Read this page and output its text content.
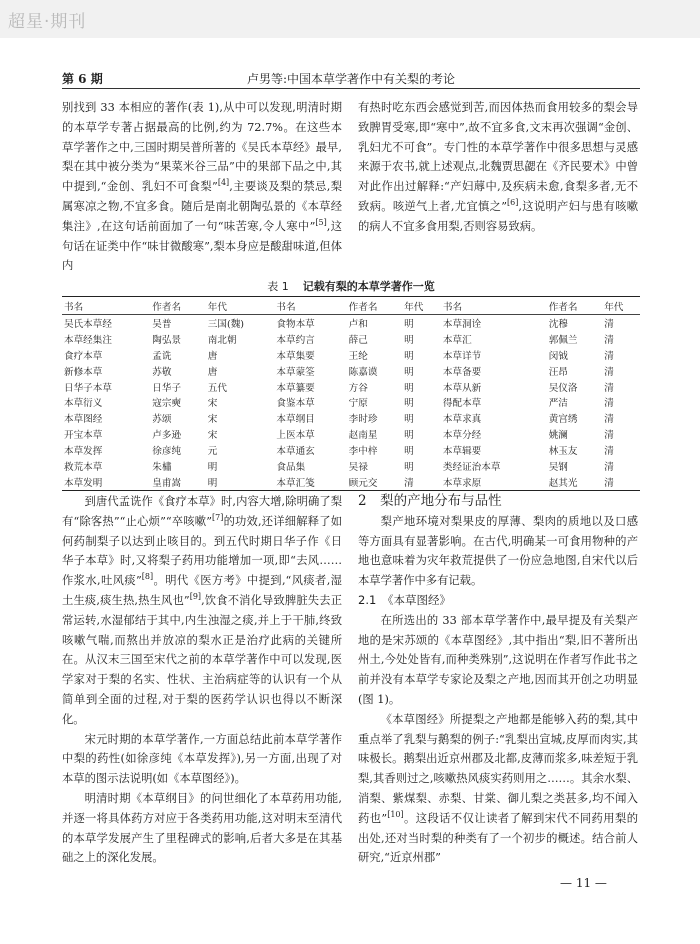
超星·期刊
第 6 期	卢男等:中国本草学著作中有关梨的考论

别找到 33 本相应的著作(表 1),从中可以发现,明清时期的本草学专著占据最高的比例,约为 72.7%。在这些本草学著作之中,三国时期吴普所著的《吴氏本草经》最早,梨在其中被分类为“果菜米谷三品”中的果部下品之中,其中提到,“金创、乳妇不可食梨”[4],主要谈及梨的禁忌,梨属寒凉之物,不宜多食。随后是南北朝陶弘景的《本草经集注》,在这句话前面加了一句“味苦寒,令人寒中”[5],这句话在证类中作“味甘微酸寒”,梨本身应是酸甜味道,但体内

有热时吃东西会感觉到苦,而因体热而食用较多的梨会导致脾胃受寒,即“寒中”,故不宜多食,文末再次强调“金创、乳妇尤不可食”。专门性的本草学著作中很多思想与灵感来源于农书,就上述观点,北魏贾思勰在《齐民要术》中曾对此作出过解释:“产妇蓐中,及疾病未愈,食梨多者,无不致病。咳逆气上者,尤宜慎之”[6],这说明产妇与患有咳嗽的病人不宜多食用梨,否则容易致病。

表 1 记载有梨的本草学著作一览
书名	作者名	年代	书名	作者名	年代	书名	作者名	年代
吴氏本草经	吴普	三国(魏)	食物本草	卢和	明	本草洞诠	沈穆	清
本草经集注	陶弘景	南北朝	本草约言	薛己	明	本草汇	郭佩兰	清
食疗本草	孟诜	唐	本草集要	王纶	明	本草详节	闵钺	清
新修本草	苏敬	唐	本草蒙筌	陈嘉谟	明	本草备要	汪昂	清
日华子本草	日华子	五代	本草纂要	方谷	明	本草从新	吴仪洛	清
本草衍义	寇宗奭	宋	食鉴本草	宁原	明	得配本草	严洁	清
本草图经	苏颂	宋	本草纲目	李时珍	明	本草求真	黄宫绣	清
开宝本草	卢多逊	宋	上医本草	赵南星	明	本草分经	姚澜	清
本草发挥	徐彦纯	元	本草通玄	李中梓	明	本草辑要	林玉友	清
救荒本草	朱橚	明	食品集	吴禄	明	类经证治本草	吴钢	清
本草发明	皇甫嵩	明	本草汇笺	顾元交	清	本草求原	赵其光	清

到唐代孟诜作《食疗本草》时,内容大增,除明确了梨有“除客热”“止心烦”“卒咳嗽”[7]的功效,还详细解释了如何药制梨子以达到止咳目的。到五代时期日华子作《日华子本草》时,又将梨子药用功能增加一项,即“去风……作浆水,吐风痰”[8]。明代《医方考》中提到,“风痰者,湿土生痰,痰生热,热生风也”[9],饮食不消化导致脾脏失去正常运转,水湿郁结于其中,内生浊湿之痰,并上于干肺,终致咳嗽气喘,而熬出并放凉的梨水正是治疗此病的关键所在。从汉末三国至宋代之前的本草学著作中可以发现,医学家对于梨的名实、性状、主治病症等的认识有一个从简单到全面的过程,对于梨的医药学认识也得以不断深化。

宋元时期的本草学著作,一方面总结此前本草学著作中梨的药性(如徐彦纯《本草发挥》),另一方面,出现了对本草的图示法说明(如《本草图经》)。

明清时期《本草纲目》的问世细化了本草药用功能,并逐一将具体药方对应于各类药用功能,这对明末至清代的本草学发展产生了里程碑式的影响,后者大多是在其基础之上的深化发展。

2　梨的产地分布与品性

梨产地环境对梨果皮的厚薄、梨肉的质地以及口感等方面具有显著影响。在古代,明确某一可食用物种的产地也意味着为灾年救荒提供了一份应急地图,自宋代以后本草学著作中多有记载。

2.1　《本草图经》

在所选出的 33 部本草学著作中,最早提及有关梨产地的是宋苏颂的《本草图经》,其中指出“梨,旧不著所出州土,今处处皆有,而种类殊别”,这说明在作者写作此书之前并没有本草学专家论及梨之产地,因而其开创之功明显(图 1)。

《本草图经》所提梨之产地都是能够入药的梨,其中重点举了乳梨与鹅梨的例子:“乳梨出宣城,皮厚而肉实,其味极长。鹅梨出近京州郡及北都,皮薄而浆多,味差短于乳梨,其香则过之,咳嗽热风痰实药则用之……。其余水梨、消梨、紫煤梨、赤梨、甘棠、御儿梨之类甚多,均不闻入药也”[10]。这段话不仅让读者了解到宋代不同药用梨的出处,还对当时梨的种类有了一个初步的概述。结合前人研究,“近京州郡”

— 11 —
